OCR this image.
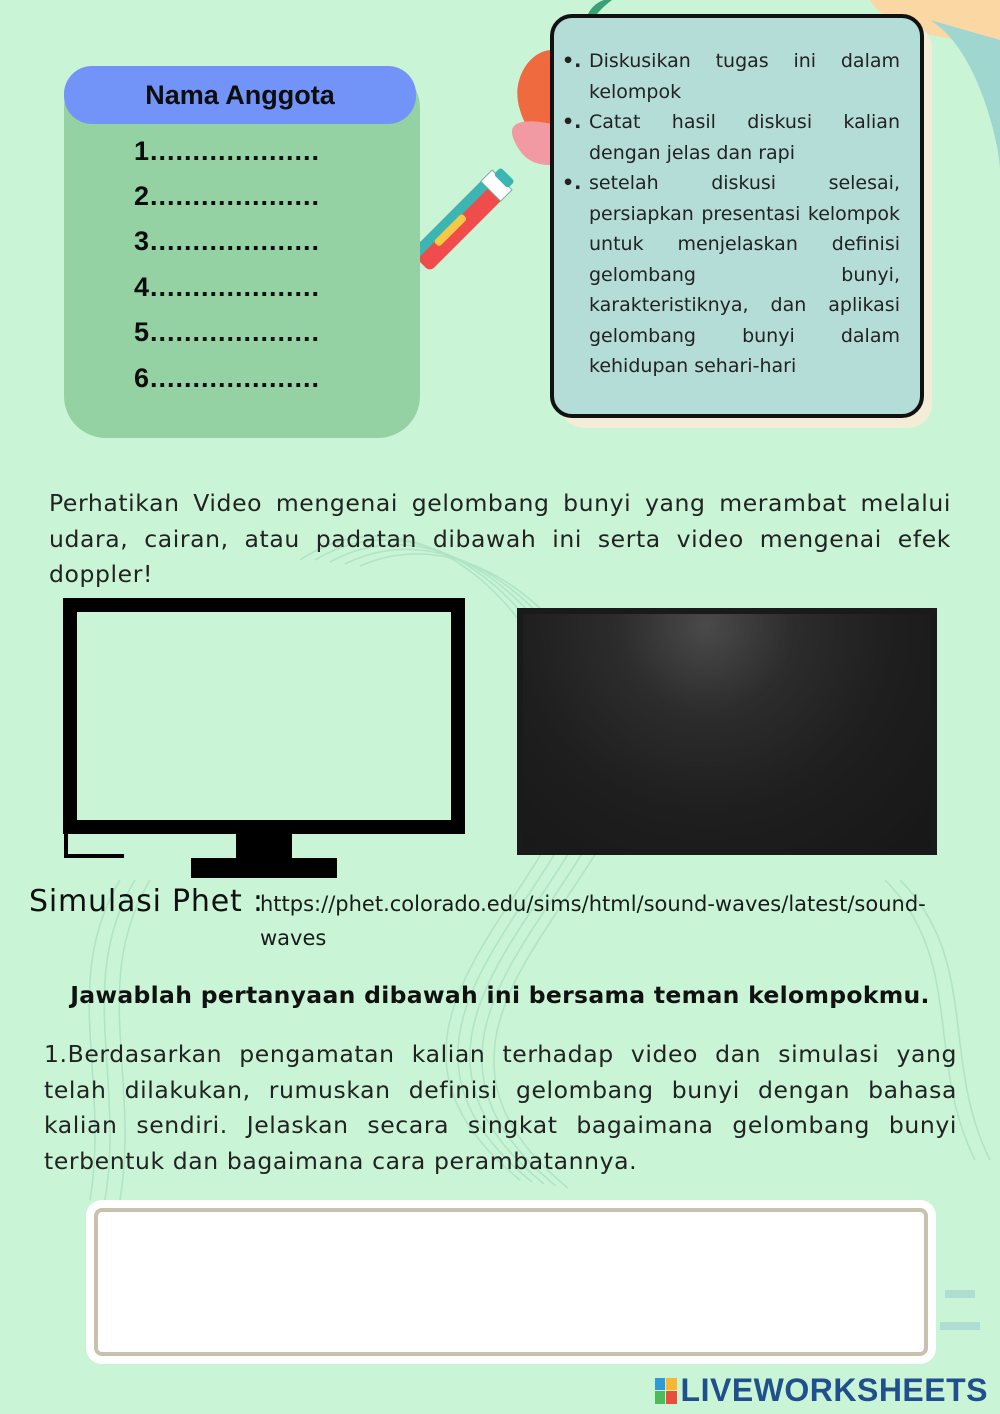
Nama Anggota
1....................
2....................
3....................
4....................
5....................
6....................
•. Diskusikan tugas ini dalam kelompok
•. Catat hasil diskusi kalian dengan jelas dan rapi
•. setelah diskusi selesai, persiapkan presentasi kelompok untuk menjelaskan definisi gelombang bunyi, karakteristiknya, dan aplikasi gelombang bunyi dalam kehidupan sehari-hari
Perhatikan Video mengenai gelombang bunyi yang merambat melalui udara, cairan, atau padatan dibawah ini serta video mengenai efek doppler!
Simulasi Phet :
https://phet.colorado.edu/sims/html/sound-waves/latest/sound-waves
Jawablah pertanyaan dibawah ini bersama teman kelompokmu.
1.Berdasarkan pengamatan kalian terhadap video dan simulasi yang telah dilakukan, rumuskan definisi gelombang bunyi dengan bahasa kalian sendiri. Jelaskan secara singkat bagaimana gelombang bunyi terbentuk dan bagaimana cara perambatannya.
LIVEWORKSHEETS
